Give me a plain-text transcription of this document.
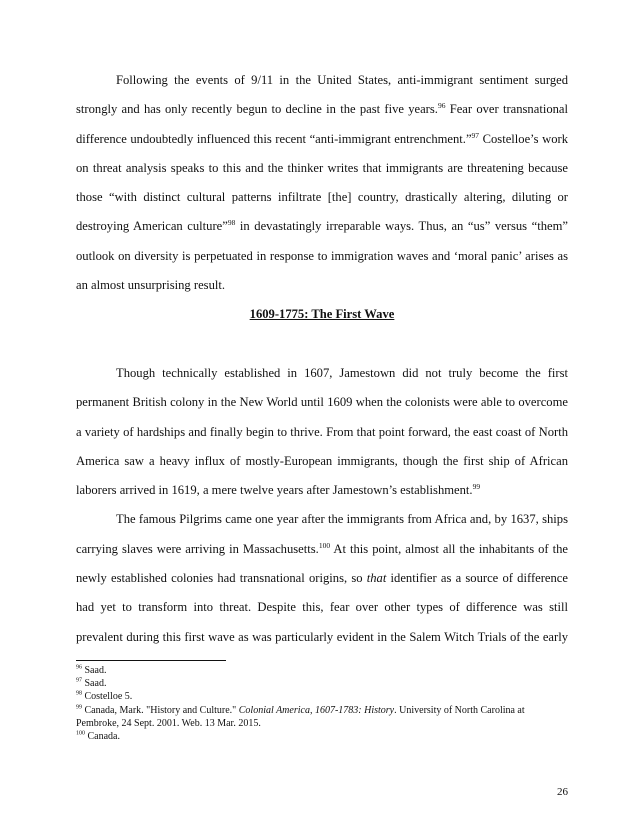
Following the events of 9/11 in the United States, anti-immigrant sentiment surged
strongly and has only recently begun to decline in the past five years.$^{96}$ Fear over transnational
difference undoubtedly influenced this recent “anti-immigrant entrenchment.”$^{97}$ Costelloe’s work
on threat analysis speaks to this and the thinker writes that immigrants are threatening because
those “with distinct cultural patterns infiltrate [the] country, drastically altering, diluting or
destroying American culture”$^{98}$ in devastatingly irreparable ways. Thus, an “us” versus “them”
outlook on diversity is perpetuated in response to immigration waves and ‘moral panic’ arises as
an almost unsurprising result.
1609-1775: The First Wave
Though technically established in 1607, Jamestown did not truly become the first
permanent British colony in the New World until 1609 when the colonists were able to overcome
a variety of hardships and finally begin to thrive. From that point forward, the east coast of North
America saw a heavy influx of mostly-European immigrants, though the first ship of African
laborers arrived in 1619, a mere twelve years after Jamestown’s establishment.$^{99}$
The famous Pilgrims came one year after the immigrants from Africa and, by 1637, ships
carrying slaves were arriving in Massachusetts.$^{100}$ At this point, almost all the inhabitants of the
newly established colonies had transnational origins, so that identifier as a source of difference
had yet to transform into threat. Despite this, fear over other types of difference was still
prevalent during this first wave as was particularly evident in the Salem Witch Trials of the early
$^{96}$ Saad.
$^{97}$ Saad.
$^{98}$ Costelloe 5.
$^{99}$ Canada, Mark. "History and Culture." Colonial America, 1607-1783: History. University of North Carolina at
Pembroke, 24 Sept. 2001. Web. 13 Mar. 2015.
$^{100}$ Canada.
26
